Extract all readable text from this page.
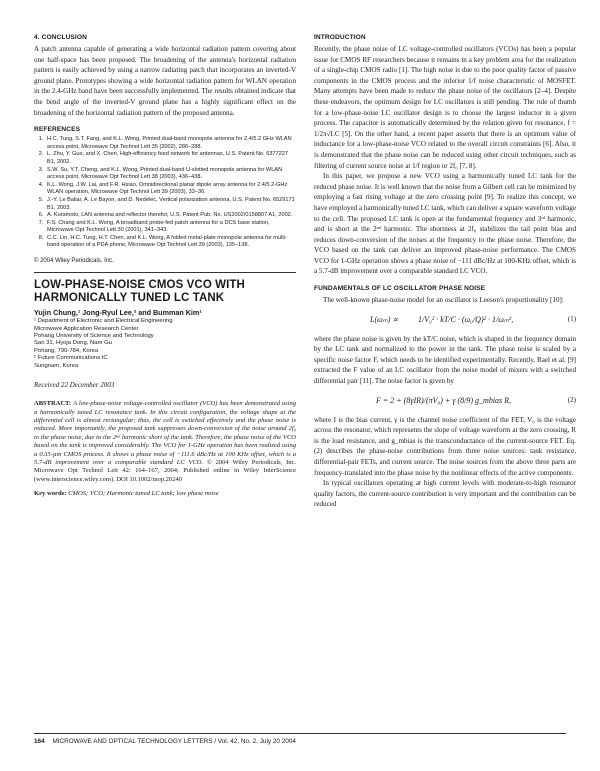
4. CONCLUSION

A patch antenna capable of generating a wide horizontal radiation pattern covering about one half-space has been proposed. The broadening of the antenna's horizontal radiation pattern is easily achieved by using a narrow radiating patch that incorporates an inverted-V ground plane. Prototypes showing a wide horizontal radiation pattern for WLAN operation in the 2.4-GHz band have been successfully implemented. The results obtained indicate that the bend angle of the inverted-V ground plane has a highly significant effect on the broadening of the horizontal radiation pattern of the proposed antenna.

REFERENCES
1. H.C. Tung, S.T. Fang, and K.L. Wong, Printed dual-band monopole antenna for 2.4/5.2 GHz WLAN access point, Microwave Opt Technol Lett 35 (2002), 286–288.
2. L. Zhu, Y. Guo, and X. Chen, High-efficiency feed network for antennas, U.S. Patent No. 6377227 B1, 2002.
3. S.W. Su, Y.T. Cheng, and K.L. Wong, Printed dual-band U-slotted monopole antenna for WLAN access point, Microwave Opt Technol Lett 38 (2003), 436–438.
4. K.L. Wong, J.W. Lai, and F.R. Hsiao, Omnidirectional planar dipole array antenna for 2.4/5.2-GHz WLAN operation, Microwave Opt Technol Lett 39 (2003), 33–36.
5. J.-Y. Le Baliar, A. Le Bayon, and D. Nedelec, Vertical polarization antenna, U.S. Patent No. 6529171 B1, 2003.
6. A. Kuramoto, LAN antenna and reflector therefor, U.S. Patent Pub. No. US2002/0158807 A1, 2002.
7. F.S. Chang and K.L. Wong, A broadband probe-fed patch antenna for a DCS base station, Microwave Opt Technol Lett 30 (2001), 341–343.
8. C.C. Lin, H.C. Tung, H.T. Chen, and K.L. Wong, A folded metal-plate monopole antenna for multi-band operation of a PDA phone, Microwave Opt Technol Lett 39 (2003), 135–138.

© 2004 Wiley Periodicals, Inc.

LOW-PHASE-NOISE CMOS VCO WITH

HARMONICALLY TUNED LC TANK

Yujin Chung,¹ Jong-Ryul Lee,² and Bumman Kim¹

¹ Department of Electronic and Electrical Engineering

Microwave Application Research Center

Pohang University of Science and Technology

San 31, Hyoja Dong, Nam Gu

Pohang, 790-784, Korea

² Future Communications IC

Sungnam, Korea

Received 22 December 2003

ABSTRACT: A low-phase-noise voltage-controlled oscillator (VCO) has been demonstrated using a harmonically tuned LC resonance tank. In this circuit configuration, the voltage shape at the differential cell is almost rectangular; thus, the cell is switched effectively and the phase noise is reduced. More importantly, the proposed tank suppresses down-conversion of the noise around 2f₀ to the phase noise, due to the 2ⁿᵈ harmonic short of the tank. Therefore, the phase noise of the VCO based on the tank is improved considerably. The VCO for 1-GHz operation has been realized using a 0.35-µm CMOS process. It shows a phase noise of −111.6 dBc/Hz at 100 KHz offset, which is a 5.7-dB improvement over a comparable standard LC VCO. © 2004 Wiley Periodicals, Inc. Microwave Opt Technol Lett 42: 164–167, 2004; Published online in Wiley InterScience (www.interscience.wiley.com). DOI 10.1002/mop.20240

Key words: CMOS; VCO; Harmonic tuned LC tank; low phase noise

INTRODUCTION

Recently, the phase noise of LC voltage-controlled oscillators (VCOs) has been a popular issue for CMOS RF researchers because it remains in a key problem area for the realization of a single-chip CMOS radio [1]. The high noise is due to the poor quality factor of passive components in the CMOS process and the inferior 1/f noise characteristic of MOSFET. Many attempts have been made to reduce the phase noise of the oscillators [2–4]. Despite these endeavors, the optimum design for LC oscillators is still pending. The rule of thumb for a low-phase-noise LC oscillator design is to choose the largest inductor in a given process. The capacitor is automatically determined by the relation given for resonance, f = 1/2π√LC [5]. On the other hand, a recent paper asserts that there is an optimum value of inductance for a low-phase-noise VCO related to the overall circuit constraints [6]. Also, it is demonstrated that the phase noise can be reduced using other circuit techniques, such as filtering of current source noise at 1/f region or 2f₀ [7, 8].

In this paper, we propose a new VCO using a harmonically tuned LC tank for the reduced phase noise. It is well known that the noise from a Gilbert cell can be minimized by employing a fast rising voltage at the zero crossing point [9]. To realize this concept, we have employed a harmonically tuned LC tank, which can deliver a square waveform voltage to the cell. The proposed LC tank is open at the fundamental frequency and 3ʳᵈ harmonic, and is short at the 2ⁿᵈ harmonic. The shortness at 2f₀ stabilizes the tail point bias and reduces down-conversion of the noises at the frequency to the phase noise. Therefore, the VCO based on the tank can deliver an improved phase-noise performance. The CMOS VCO for 1-GHz operation shows a phase noise of −111 dBc/Hz at 100-KHz offset, which is a 5.7-dB improvement over a comparable standard LC VCO.

FUNDAMENTALS OF LC OSCILLATOR PHASE NOISE

The well-known phase-noise model for an oscillator is Leeson's proportionality [10]:

L(ωₘ) ∝ 1/V₀² · kT/C · (ω₀/Q)² · 1/ωₘ²,	(1)

where the phase noise is given by the kT/C noise, which is shaped in the frequency domain by the LC tank and normalized to the power in the tank. The phase noise is scaled by a specific noise factor F, which needs to be identified experimentally. Recently, Rael et al. [9] extracted the F value of an LC oscillator from the noise model of mixers with a switched differential pair [11]. The noise factor is given by

F = 2 + (8γIR)/(πV₀) + γ (8/9) g_mbias R,	(2)

where I is the bias current, γ is the channel noise coefficient of the FET, V₀ is the voltage across the resonator, which represents the slope of voltage waveform at the zero crossing, R is the load resistance, and g_mbias is the transconductance of the current-source FET. Eq. (2) describes the phase-noise contributions from three noise sources: tank resistance, differential-pair FETs, and current source. The noise sources from the above three parts are frequency-translated into the phase noise by the nonlinear effects of the active components.

In typical oscillators operating at high current levels with moderate-to-high resonator quality factors, the current-source contribution is very important and the contribution can be reduced

164 MICROWAVE AND OPTICAL TECHNOLOGY LETTERS / Vol. 42, No. 2, July 20 2004
